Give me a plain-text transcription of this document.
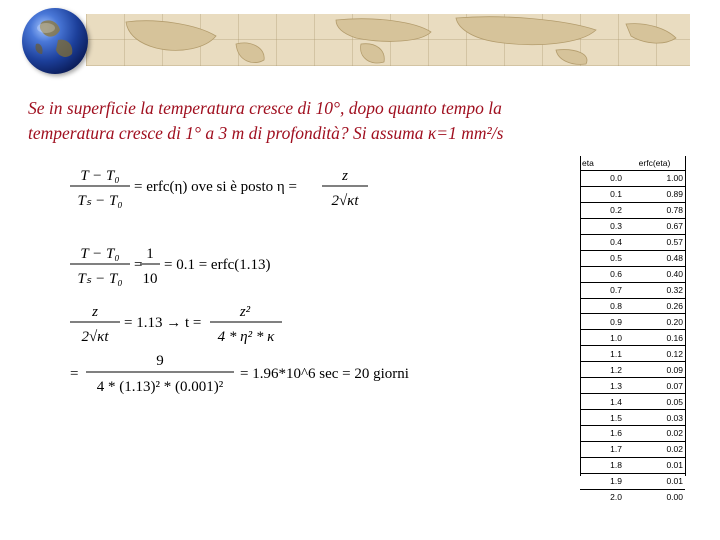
Se in superficie la temperatura cresce di 10°, dopo quanto tempo la
temperatura cresce di 1° a 3 m di profondità? Si assuma κ=1 mm²/s

T − T₀
Tₛ − T₀
= erfc(η) ove si è posto η =
z
2√κt
T − T₀
Tₛ − T₀
=
1
10
= 0.1 = erfc(1.13)
z
2√κt
= 1.13 → t =
z²
4 * η² * κ
=
9
4 * (1.13)² * (0.001)²
= 1.96*10^6 sec = 20 giorni
eta	erfc(eta)
0.0	1.00
0.1	0.89
0.2	0.78
0.3	0.67
0.4	0.57
0.5	0.48
0.6	0.40
0.7	0.32
0.8	0.26
0.9	0.20
1.0	0.16
1.1	0.12
1.2	0.09
1.3	0.07
1.4	0.05
1.5	0.03
1.6	0.02
1.7	0.02
1.8	0.01
1.9	0.01
2.0	0.00
